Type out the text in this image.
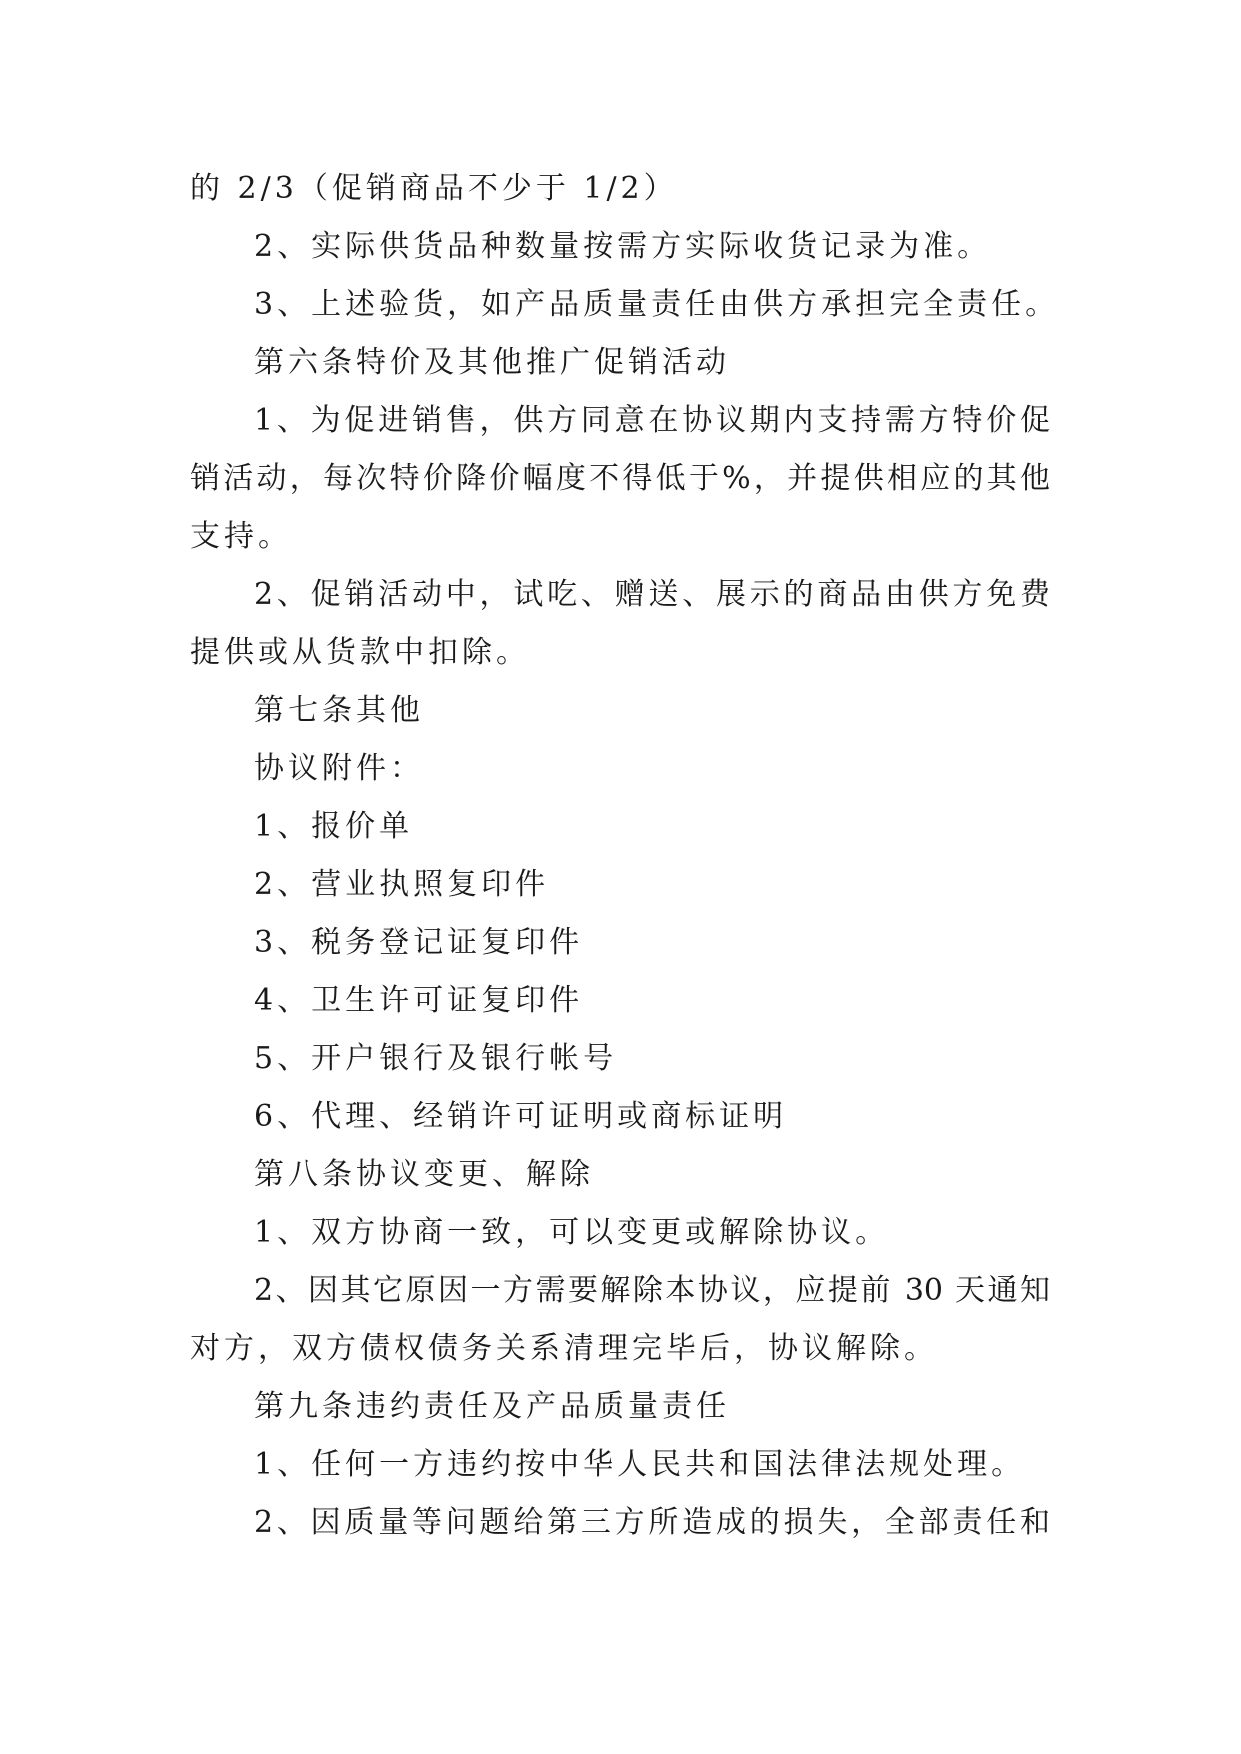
的 2/3（促销商品不少于 1/2）
2、实际供货品种数量按需方实际收货记录为准。
3、上述验货，如产品质量责任由供方承担完全责任。
第六条特价及其他推广促销活动
1、为促进销售，供方同意在协议期内支持需方特价促
销活动，每次特价降价幅度不得低于%，并提供相应的其他
支持。
2、促销活动中，试吃、赠送、展示的商品由供方免费
提供或从货款中扣除。
第七条其他
协议附件：
1、报价单
2、营业执照复印件
3、税务登记证复印件
4、卫生许可证复印件
5、开户银行及银行帐号
6、代理、经销许可证明或商标证明
第八条协议变更、解除
1、双方协商一致，可以变更或解除协议。
2、因其它原因一方需要解除本协议，应提前 30 天通知
对方，双方债权债务关系清理完毕后，协议解除。
第九条违约责任及产品质量责任
1、任何一方违约按中华人民共和国法律法规处理。
2、因质量等问题给第三方所造成的损失，全部责任和
